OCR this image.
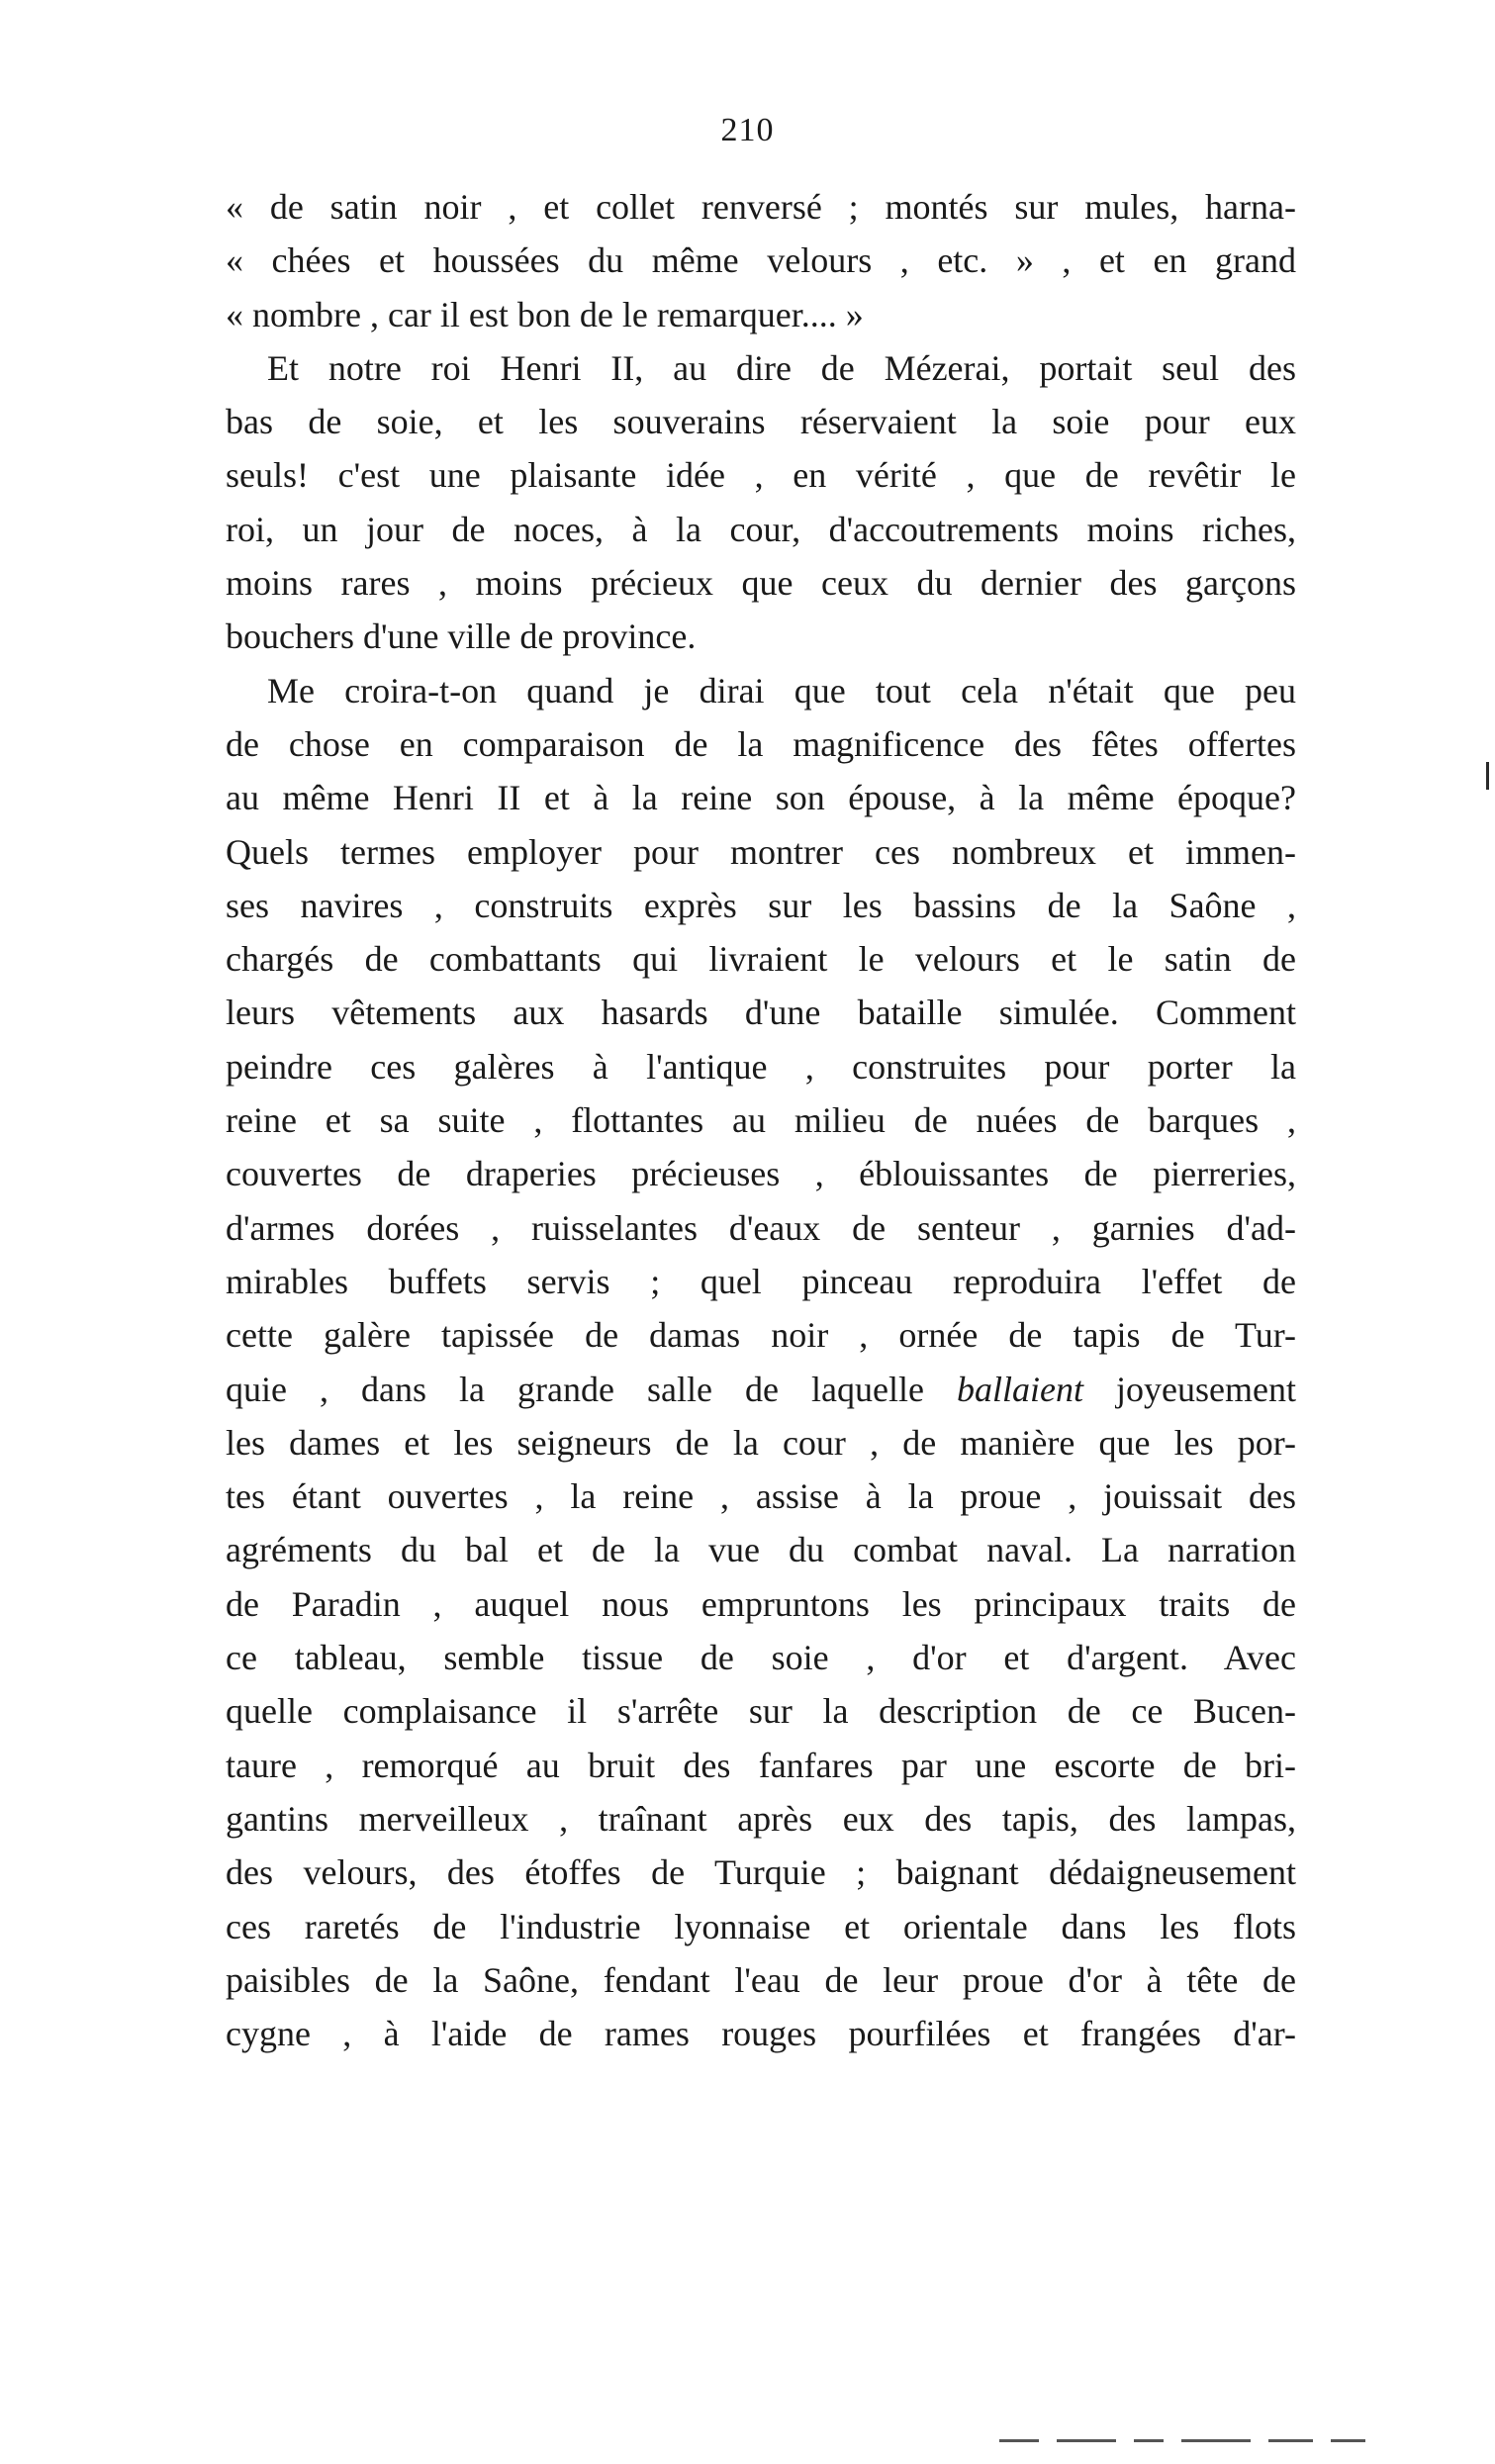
210
« de satin noir , et collet renversé ; montés sur mules, harna-
« chées et houssées du même velours , etc. » , et en grand
« nombre , car il est bon de le remarquer.... »
Et notre roi Henri II, au dire de Mézerai, portait seul des
bas de soie, et les souverains réservaient la soie pour eux
seuls! c'est une plaisante idée , en vérité , que de revêtir le
roi, un jour de noces, à la cour, d'accoutrements moins riches,
moins rares , moins précieux que ceux du dernier des garçons
bouchers d'une ville de province.
Me croira-t-on quand je dirai que tout cela n'était que peu
de chose en comparaison de la magnificence des fêtes offertes
au même Henri II et à la reine son épouse, à la même époque?
Quels termes employer pour montrer ces nombreux et immen-
ses navires , construits exprès sur les bassins de la Saône ,
chargés de combattants qui livraient le velours et le satin de
leurs vêtements aux hasards d'une bataille simulée. Comment
peindre ces galères à l'antique , construites pour porter la
reine et sa suite , flottantes au milieu de nuées de barques ,
couvertes de draperies précieuses , éblouissantes de pierreries,
d'armes dorées , ruisselantes d'eaux de senteur , garnies d'ad-
mirables buffets servis ; quel pinceau reproduira l'effet de
cette galère tapissée de damas noir , ornée de tapis de Tur-
quie , dans la grande salle de laquelle ballaient joyeusement
les dames et les seigneurs de la cour , de manière que les por-
tes étant ouvertes , la reine , assise à la proue , jouissait des
agréments du bal et de la vue du combat naval. La narration
de Paradin , auquel nous empruntons les principaux traits de
ce tableau, semble tissue de soie , d'or et d'argent. Avec
quelle complaisance il s'arrête sur la description de ce Bucen-
taure , remorqué au bruit des fanfares par une escorte de bri-
gantins merveilleux , traînant après eux des tapis, des lampas,
des velours, des étoffes de Turquie ; baignant dédaigneusement
ces raretés de l'industrie lyonnaise et orientale dans les flots
paisibles de la Saône, fendant l'eau de leur proue d'or à tête de
cygne , à l'aide de rames rouges pourfilées et frangées d'ar-
